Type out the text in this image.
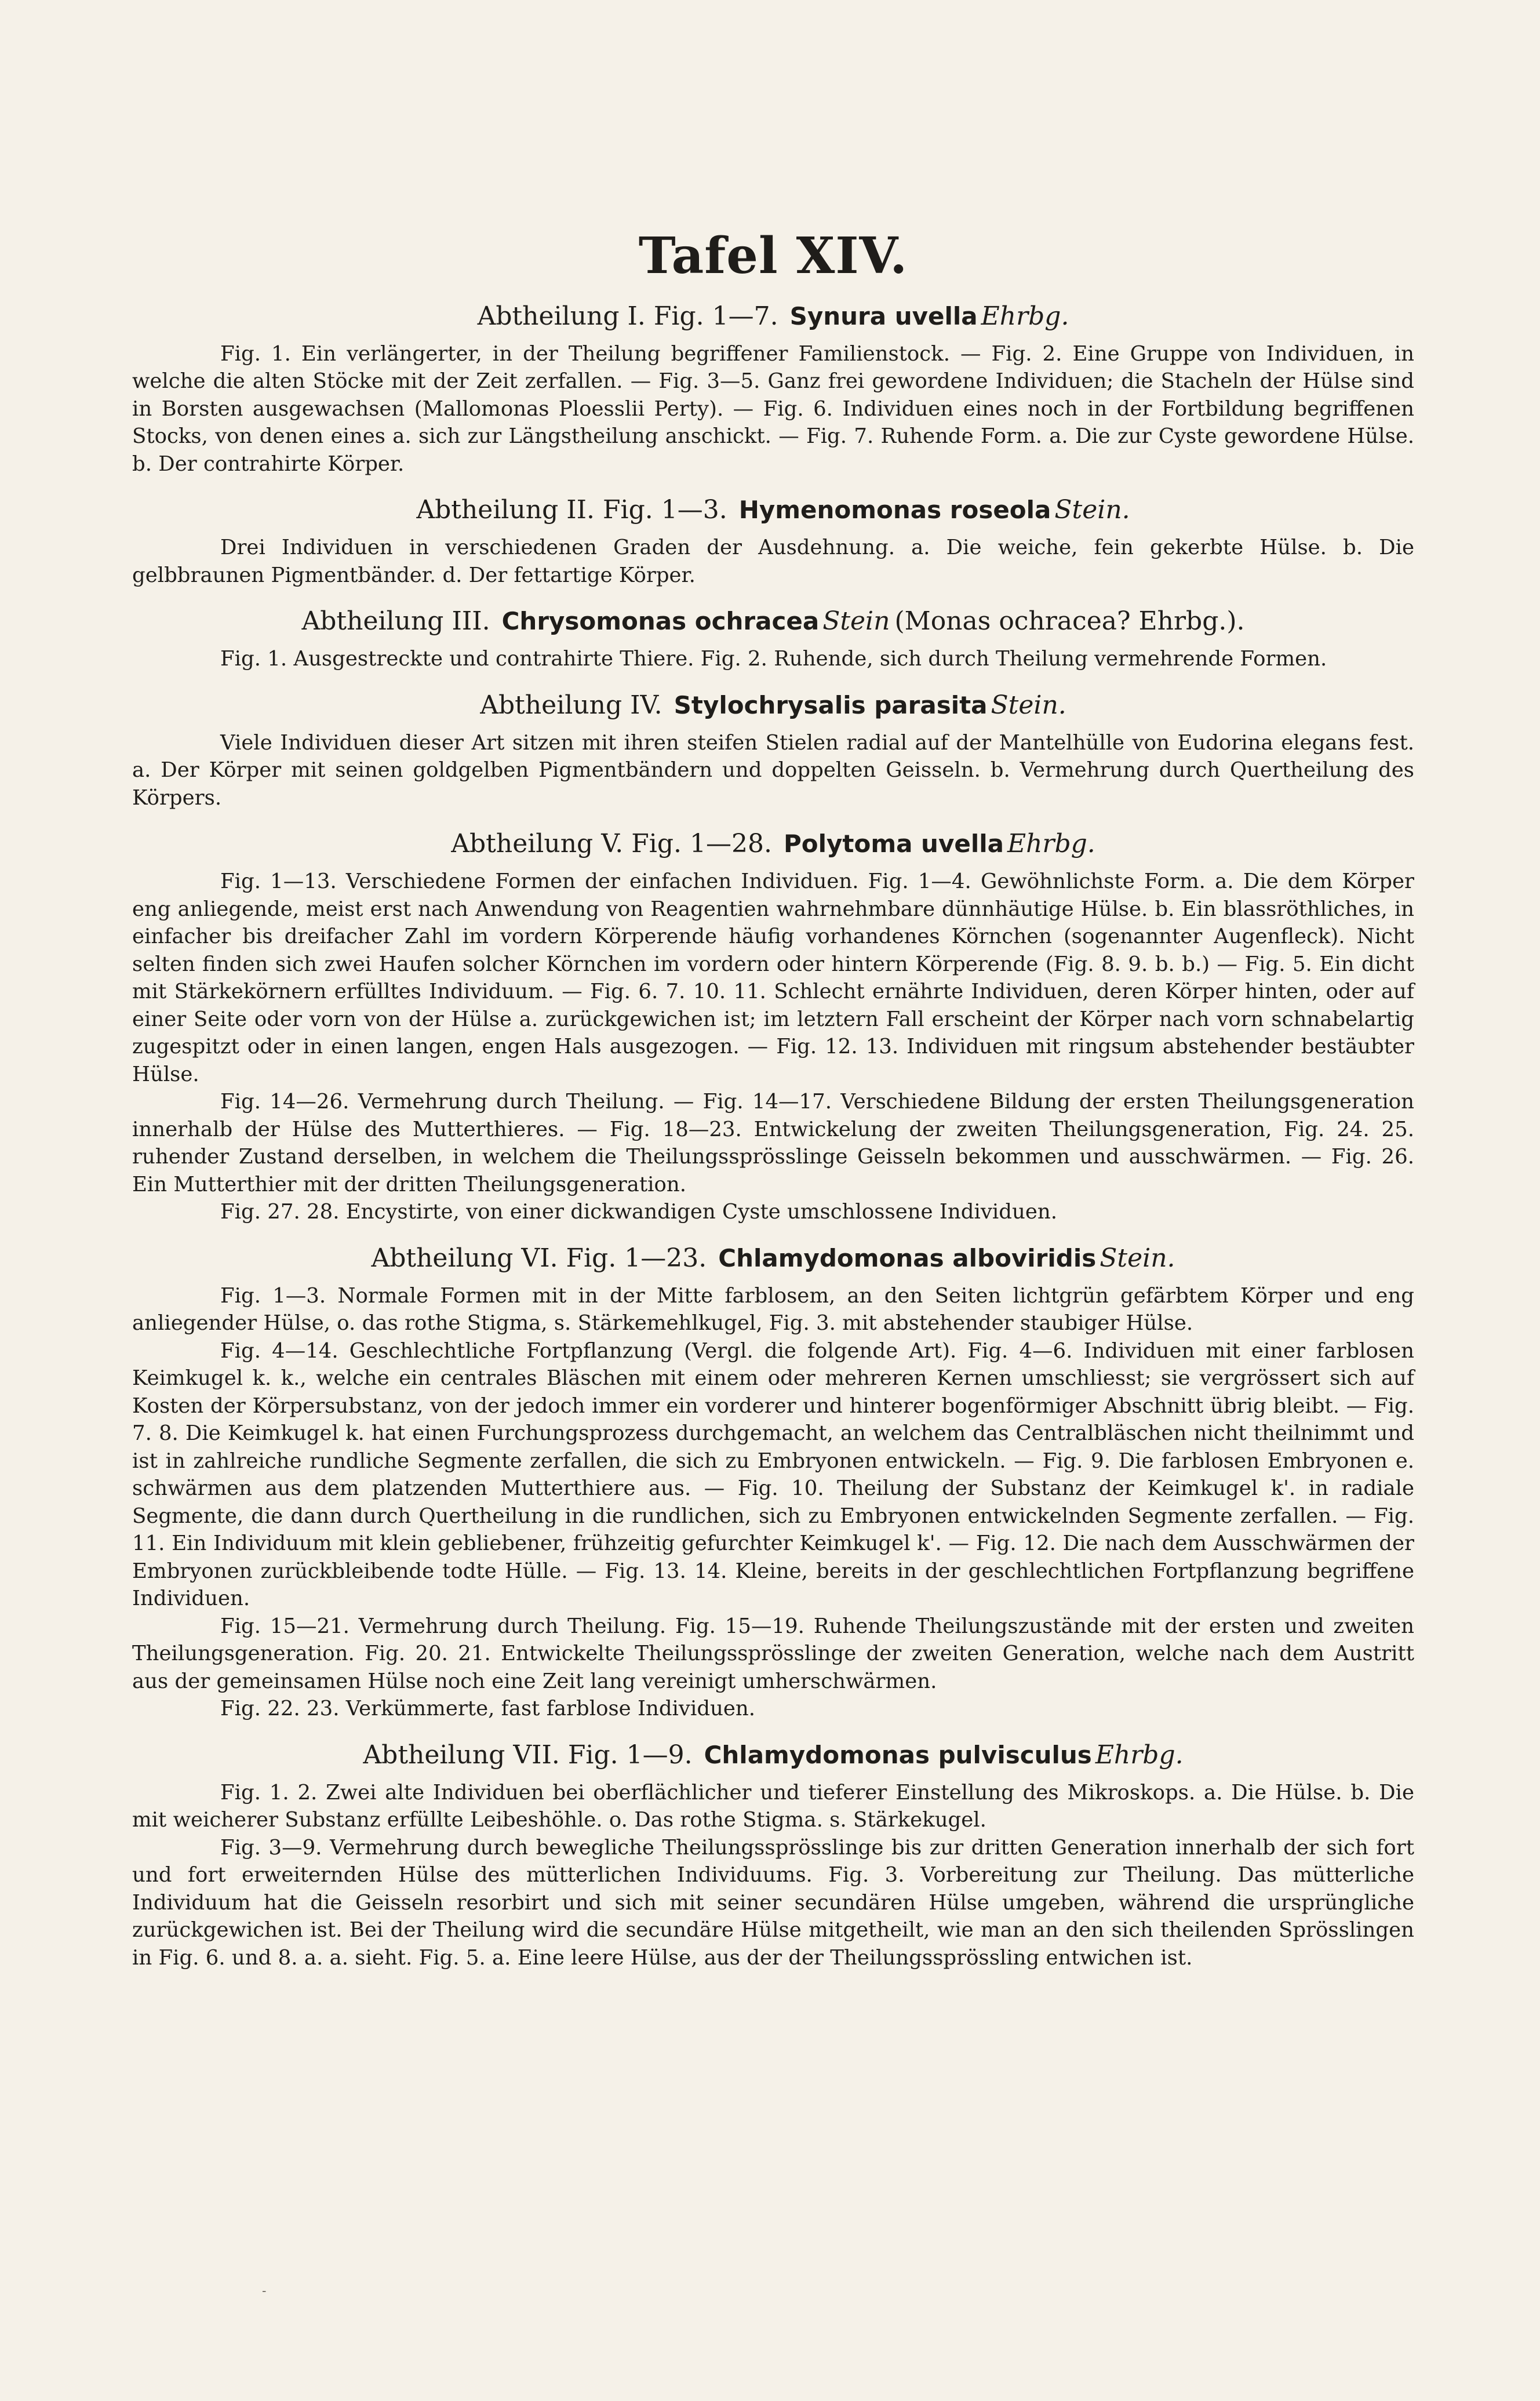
Tafel XIV.
Abtheilung I. Fig. 1—7. Synura uvella Ehrbg.

Fig. 1. Ein verlängerter, in der Theilung begriffener Familienstock. — Fig. 2. Eine Gruppe von Individuen, in welche die alten Stöcke mit der Zeit zerfallen. — Fig. 3—5. Ganz frei gewordene Individuen; die Stacheln der Hülse sind in Borsten ausgewachsen (Mallomonas Ploesslii Perty). — Fig. 6. Individuen eines noch in der Fortbildung begriffenen Stocks, von denen eines a. sich zur Längstheilung anschickt. — Fig. 7. Ruhende Form. a. Die zur Cyste gewordene Hülse. b. Der contrahirte Körper.

Abtheilung II. Fig. 1—3. Hymenomonas roseola Stein.

Drei Individuen in verschiedenen Graden der Ausdehnung. a. Die weiche, fein gekerbte Hülse. b. Die gelbbraunen Pigmentbänder. d. Der fettartige Körper.

Abtheilung III. Chrysomonas ochracea Stein (Monas ochracea? Ehrbg.).

Fig. 1. Ausgestreckte und contrahirte Thiere. Fig. 2. Ruhende, sich durch Theilung vermehrende Formen.

Abtheilung IV. Stylochrysalis parasita Stein.

Viele Individuen dieser Art sitzen mit ihren steifen Stielen radial auf der Mantelhülle von Eudorina elegans fest. a. Der Körper mit seinen goldgelben Pigmentbändern und doppelten Geisseln. b. Vermehrung durch Quertheilung des Körpers.

Abtheilung V. Fig. 1—28. Polytoma uvella Ehrbg.

Fig. 1—13. Verschiedene Formen der einfachen Individuen. Fig. 1—4. Gewöhnlichste Form. a. Die dem Körper eng anliegende, meist erst nach Anwendung von Reagentien wahrnehmbare dünnhäutige Hülse. b. Ein blassröthliches, in einfacher bis dreifacher Zahl im vordern Körperende häufig vorhandenes Körnchen (sogenannter Augenfleck). Nicht selten finden sich zwei Haufen solcher Körnchen im vordern oder hintern Körperende (Fig. 8. 9. b. b.) — Fig. 5. Ein dicht mit Stärkekörnern erfülltes Individuum. — Fig. 6. 7. 10. 11. Schlecht ernährte Individuen, deren Körper hinten, oder auf einer Seite oder vorn von der Hülse a. zurückgewichen ist; im letztern Fall erscheint der Körper nach vorn schnabelartig zugespitzt oder in einen langen, engen Hals ausgezogen. — Fig. 12. 13. Individuen mit ringsum abstehender bestäubter Hülse.

Fig. 14—26. Vermehrung durch Theilung. — Fig. 14—17. Verschiedene Bildung der ersten Theilungsgeneration innerhalb der Hülse des Mutterthieres. — Fig. 18—23. Entwickelung der zweiten Theilungsgeneration, Fig. 24. 25. ruhender Zustand derselben, in welchem die Theilungssprösslinge Geisseln bekommen und ausschwärmen. — Fig. 26. Ein Mutterthier mit der dritten Theilungsgeneration.

Fig. 27. 28. Encystirte, von einer dickwandigen Cyste umschlossene Individuen.

Abtheilung VI. Fig. 1—23. Chlamydomonas alboviridis Stein.

Fig. 1—3. Normale Formen mit in der Mitte farblosem, an den Seiten lichtgrün gefärbtem Körper und eng anliegender Hülse, o. das rothe Stigma, s. Stärkemehlkugel, Fig. 3. mit abstehender staubiger Hülse.

Fig. 4—14. Geschlechtliche Fortpflanzung (Vergl. die folgende Art). Fig. 4—6. Individuen mit einer farblosen Keimkugel k. k., welche ein centrales Bläschen mit einem oder mehreren Kernen umschliesst; sie vergrössert sich auf Kosten der Körpersubstanz, von der jedoch immer ein vorderer und hinterer bogenförmiger Abschnitt übrig bleibt. — Fig. 7. 8. Die Keimkugel k. hat einen Furchungsprozess durchgemacht, an welchem das Centralbläschen nicht theilnimmt und ist in zahlreiche rundliche Segmente zerfallen, die sich zu Embryonen entwickeln. — Fig. 9. Die farblosen Embryonen e. schwärmen aus dem platzenden Mutterthiere aus. — Fig. 10. Theilung der Substanz der Keimkugel k'. in radiale Segmente, die dann durch Quertheilung in die rundlichen, sich zu Embryonen entwickelnden Segmente zerfallen. — Fig. 11. Ein Individuum mit klein gebliebener, frühzeitig gefurchter Keimkugel k'. — Fig. 12. Die nach dem Ausschwärmen der Embryonen zurückbleibende todte Hülle. — Fig. 13. 14. Kleine, bereits in der geschlechtlichen Fortpflanzung begriffene Individuen.

Fig. 15—21. Vermehrung durch Theilung. Fig. 15—19. Ruhende Theilungszustände mit der ersten und zweiten Theilungsgeneration. Fig. 20. 21. Entwickelte Theilungssprösslinge der zweiten Generation, welche nach dem Austritt aus der gemeinsamen Hülse noch eine Zeit lang vereinigt umherschwärmen.

Fig. 22. 23. Verkümmerte, fast farblose Individuen.

Abtheilung VII. Fig. 1—9. Chlamydomonas pulvisculus Ehrbg.

Fig. 1. 2. Zwei alte Individuen bei oberflächlicher und tieferer Einstellung des Mikroskops. a. Die Hülse. b. Die mit weicherer Substanz erfüllte Leibeshöhle. o. Das rothe Stigma. s. Stärkekugel.

Fig. 3—9. Vermehrung durch bewegliche Theilungssprösslinge bis zur dritten Generation innerhalb der sich fort und fort erweiternden Hülse des mütterlichen Individuums. Fig. 3. Vorbereitung zur Theilung. Das mütterliche Individuum hat die Geisseln resorbirt und sich mit seiner secundären Hülse umgeben, während die ursprüngliche zurückgewichen ist. Bei der Theilung wird die secundäre Hülse mitgetheilt, wie man an den sich theilenden Sprösslingen in Fig. 6. und 8. a. a. sieht. Fig. 5. a. Eine leere Hülse, aus der der Theilungssprössling entwichen ist.

-
